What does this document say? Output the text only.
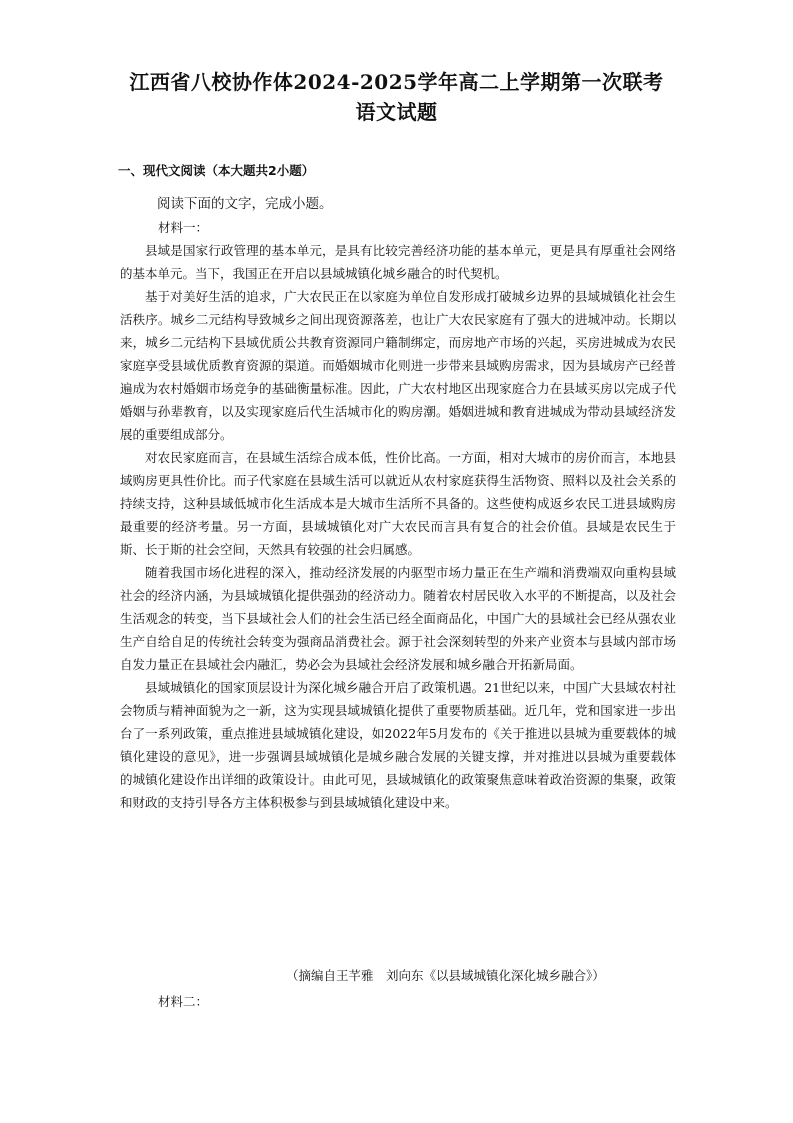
江西省八校协作体2024-2025学年高二上学期第一次联考
语文试题
一、现代文阅读（本大题共2小题）
阅读下面的文字，完成小题。
材料一：

县域是国家行政管理的基本单元，是具有比较完善经济功能的基本单元，更是具有厚重社会网络的基本单元。当下，我国正在开启以县域城镇化城乡融合的时代契机。

基于对美好生活的追求，广大农民正在以家庭为单位自发形成打破城乡边界的县域城镇化社会生活秩序。城乡二元结构导致城乡之间出现资源落差，也让广大农民家庭有了强大的进城冲动。长期以来，城乡二元结构下县域优质公共教育资源同户籍制绑定，而房地产市场的兴起，买房进城成为农民家庭享受县域优质教育资源的渠道。而婚姻城市化则进一步带来县域购房需求，因为县域房产已经普遍成为农村婚姻市场竞争的基础衡量标准。因此，广大农村地区出现家庭合力在县域买房以完成子代婚姻与孙辈教育，以及实现家庭后代生活城市化的购房潮。婚姻进城和教育进城成为带动县域经济发展的重要组成部分。

对农民家庭而言，在县域生活综合成本低，性价比高。一方面，相对大城市的房价而言，本地县域购房更具性价比。而子代家庭在县域生活可以就近从农村家庭获得生活物资、照料以及社会关系的持续支持，这种县域低城市化生活成本是大城市生活所不具备的。这些使构成返乡农民工进县域购房最重要的经济考量。另一方面，县域城镇化对广大农民而言具有复合的社会价值。县域是农民生于斯、长于斯的社会空间，天然具有较强的社会归属感。

随着我国市场化进程的深入，推动经济发展的内驱型市场力量正在生产端和消费端双向重构县域社会的经济内涵，为县域城镇化提供强劲的经济动力。随着农村居民收入水平的不断提高，以及社会生活观念的转变，当下县域社会人们的社会生活已经全面商品化，中国广大的县域社会已经从强农业生产自给自足的传统社会转变为强商品消费社会。源于社会深刻转型的外来产业资本与县域内部市场自发力量正在县域社会内融汇，势必会为县域社会经济发展和城乡融合开拓新局面。

县域城镇化的国家顶层设计为深化城乡融合开启了政策机遇。21世纪以来，中国广大县域农村社会物质与精神面貌为之一新，这为实现县域城镇化提供了重要物质基础。近几年，党和国家进一步出台了一系列政策，重点推进县域城镇化建设，如2022年5月发布的《关于推进以县城为重要载体的城镇化建设的意见》，进一步强调县域城镇化是城乡融合发展的关键支撑，并对推进以县城为重要载体的城镇化建设作出详细的政策设计。由此可见，县域城镇化的政策聚焦意味着政治资源的集聚，政策和财政的支持引导各方主体积极参与到县域城镇化建设中来。

（摘编自王芊雅　刘向东《以县域城镇化深化城乡融合》）
材料二：
